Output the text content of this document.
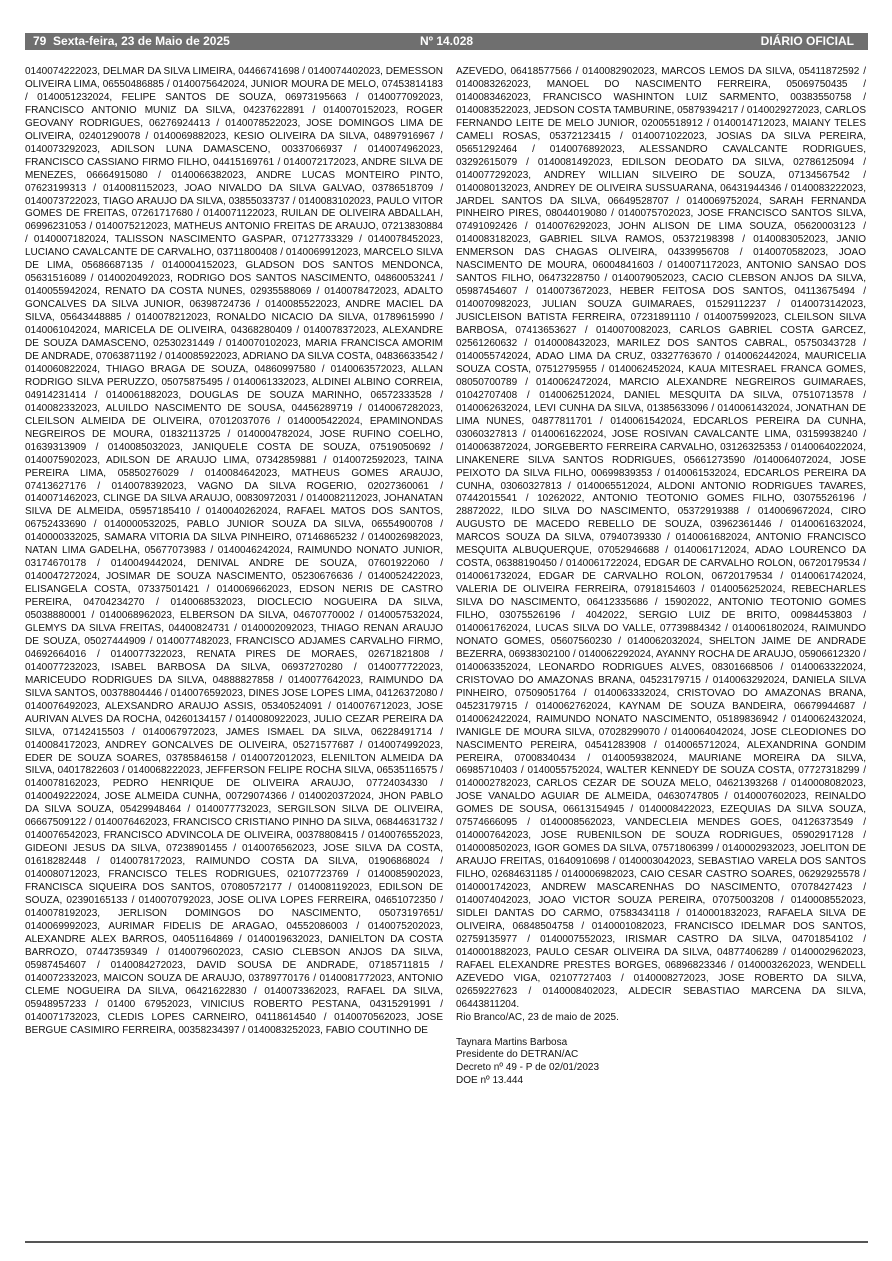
79 Sexta-feira, 23 de Maio de 2025	Nº 14.028	DIÁRIO OFICIAL
0140074222023, DELMAR DA SILVA LIMEIRA, 04466741698 / 0140074402023, DEMESSON OLIVEIRA LIMA, 06550486885 / 0140075642024, JUNIOR MOURA DE MELO, 07453814183 / 0140051232024, FELIPE SANTOS DE SOUZA, 06973195663 / 0140077092023, FRANCISCO ANTONIO MUNIZ DA SILVA, 04237622891 / 0140070152023, ROGER GEOVANY RODRIGUES, 06276924413 / 0140078522023, JOSE DOMINGOS LIMA DE OLIVEIRA, 02401290078 / 0140069882023, KESIO OLIVEIRA DA SILVA, 04897916967 / 0140073292023, ADILSON LUNA DAMASCENO, 00337066937 / 0140074962023, FRANCISCO CASSIANO FIRMO FILHO, 04415169761 / 0140072172023, ANDRE SILVA DE MENEZES, 06664915080 / 0140066382023, ANDRE LUCAS MONTEIRO PINTO, 07623199313 / 0140081152023, JOAO NIVALDO DA SILVA GALVAO, 03786518709 / 0140073722023, TIAGO ARAUJO DA SILVA, 03855033737 / 0140083102023, PAULO VITOR GOMES DE FREITAS, 07261717680 / 0140071122023, RUILAN DE OLIVEIRA ABDALLAH, 06996231053 / 0140075212023, MATHEUS ANTONIO FREITAS DE ARAUJO, 07213830884 / 0140007182024, TALISSON NASCIMENTO GASPAR, 07127733329 / 0140078452023, LUCIANO CAVALCANTE DE CARVALHO, 03711800408 / 0140069912023, MARCELO SILVA DE LIMA, 05686687135 / 0140004152023, GLADSON DOS SANTOS MENDONCA, 05631516089 / 0140020492023, RODRIGO DOS SANTOS NASCIMENTO, 04860053241 / 0140055942024, RENATO DA COSTA NUNES, 02935588069 / 0140078472023, ADALTO GONCALVES DA SILVA JUNIOR, 06398724736 / 0140085522023, ANDRE MACIEL DA SILVA, 05643448885 / 0140078212023, RONALDO NICACIO DA SILVA, 01789615990 / 0140061042024, MARICELA DE OLIVEIRA, 04368280409 / 0140078372023, ALEXANDRE DE SOUZA DAMASCENO, 02530231449 / 0140070102023, MARIA FRANCISCA AMORIM DE ANDRADE, 07063871192 / 0140085922023, ADRIANO DA SILVA COSTA, 04836633542 / 0140060822024, THIAGO BRAGA DE SOUZA, 04860997580 / 0140063572023, ALLAN RODRIGO SILVA PERUZZO, 05075875495 / 0140061332023, ALDINEI ALBINO CORREIA, 04914231414 / 0140061882023, DOUGLAS DE SOUZA MARINHO, 06572333528 / 0140082332023, ALUILDO NASCIMENTO DE SOUSA, 04456289719 / 0140067282023, CLEILSON ALMEIDA DE OLIVEIRA, 07012037076 / 0140005422024, EPAMINONDAS NEGREIROS DE MOURA, 01832113725 / 0140004782024, JOSE RUFINO COELHO, 01639313909 / 0140085032023, JANIQUELE COSTA DE SOUZA, 07519050692 / 0140075902023, ADILSON DE ARAUJO LIMA, 07342859881 / 0140072592023, TAINA PEREIRA LIMA, 05850276029 / 0140084642023, MATHEUS GOMES ARAUJO, 07413627176 / 0140078392023, VAGNO DA SILVA ROGERIO, 02027360061 / 0140071462023, CLINGE DA SILVA ARAUJO, 00830972031 / 0140082112023, JOHANATAN SILVA DE ALMEIDA, 05957185410 / 0140040262024, RAFAEL MATOS DOS SANTOS, 06752433690 / 0140000532025, PABLO JUNIOR SOUZA DA SILVA, 06554900708 / 0140000332025, SAMARA VITORIA DA SILVA PINHEIRO, 07146865232 / 0140026982023, NATAN LIMA GADELHA, 05677073983 / 0140046242024, RAIMUNDO NONATO JUNIOR, 03174670178 / 0140049442024, DENIVAL ANDRE DE SOUZA, 07601922060 / 0140047272024, JOSIMAR DE SOUZA NASCIMENTO, 05230676636 / 0140052422023, ELISANGELA COSTA, 07337501421 / 0140069662023, EDSON NERIS DE CASTRO PEREIRA, 04704234270 / 0140068532023, DIOCLECIO NOGUEIRA DA SILVA, 05038880001 / 0140068962023, ELBERSON DA SILVA, 04670770002 / 0140057532024, GLEMYS DA SILVA FREITAS, 04400824731 / 0140002092023, THIAGO RENAN ARAUJO DE SOUZA, 05027444909 / 0140077482023, FRANCISCO ADJAMES CARVALHO FIRMO, 04692664016 / 0140077322023, RENATA PIRES DE MORAES, 02671821808 / 0140077232023, ISABEL BARBOSA DA SILVA, 06937270280 / 0140077722023, MARICEUDO RODRIGUES DA SILVA, 04888827858 / 0140077642023, RAIMUNDO DA SILVA SANTOS, 00378804446 / 0140076592023, DINES JOSE LOPES LIMA, 04126372080 / 0140076492023, ALEXSANDRO ARAUJO ASSIS, 05340524091 / 0140076712023, JOSE AURIVAN ALVES DA ROCHA, 04260134157 / 0140080922023, JULIO CEZAR PEREIRA DA SILVA, 07142415503 / 0140067972023, JAMES ISMAEL DA SILVA, 06228491714 / 0140084172023, ANDREY GONCALVES DE OLIVEIRA, 05271577687 / 0140074992023, EDER DE SOUZA SOARES, 03785846158 / 0140072012023, ELENILTON ALMEIDA DA SILVA, 04017822603 / 0140068222023, JEFFERSON FELIPE ROCHA SILVA, 06535116575 / 0140078162023, PEDRO HENRIQUE DE OLIVEIRA ARAUJO, 07724034330 / 0140049222024, JOSE ALMEIDA CUNHA, 00729074366 / 0140020372024, JHON PABLO DA SILVA SOUZA, 05429948464 / 0140077732023, SERGILSON SILVA DE OLIVEIRA, 06667509122 / 0140076462023, FRANCISCO CRISTIANO PINHO DA SILVA, 06844631732 / 0140076542023, FRANCISCO ADVINCOLA DE OLIVEIRA, 00378808415 / 0140076552023, GIDEONI JESUS DA SILVA, 07238901455 / 0140076562023, JOSE SILVA DA COSTA, 01618282448 / 0140078172023, RAIMUNDO COSTA DA SILVA, 01906868024 / 0140080712023, FRANCISCO TELES RODRIGUES, 02107723769 / 0140085902023, FRANCISCA SIQUEIRA DOS SANTOS, 07080572177 / 0140081192023, EDILSON DE SOUZA, 02390165133 / 0140070792023, JOSE OLIVA LOPES FERREIRA, 04651072350 / 0140078192023, JERLISON DOMINGOS DO NASCIMENTO, 05073197651/ 0140069992023, AURIMAR FIDELIS DE ARAGAO, 04552086003 / 0140075202023, ALEXANDRE ALEX BARROS, 04051164869 / 0140019632023, DANIELTON DA COSTA BARROZO, 07447359349 / 0140079602023, CASIO CLEBSON ANJOS DA SILVA, 05987454607 / 0140084272023, DAVID SOUSA DE ANDRADE, 07185711815 / 0140072332023, MAICON SOUZA DE ARAUJO, 03789770176 / 0140081772023, ANTONIO CLEME NOGUEIRA DA SILVA, 06421622830 / 0140073362023, RAFAEL DA SILVA, 05948957233 / 01400 67952023, VINICIUS ROBERTO PESTANA, 04315291991 / 0140071732023, CLEDIS LOPES CARNEIRO, 04118614540 / 0140070562023, JOSE BERGUE CASIMIRO FERREIRA, 00358234397 / 0140083252023, FABIO COUTINHO DE
AZEVEDO, 06418577566 / 0140082902023, MARCOS LEMOS DA SILVA, 05411872592 / 0140083262023, MANOEL DO NASCIMENTO FERREIRA, 05069750435 / 0140083462023, FRANCISCO WASHINTON LUIZ SARMENTO, 00383550758 / 0140083522023, JEDSON COSTA TAMBURINE, 05879394217 / 0140029272023, CARLOS FERNANDO LEITE DE MELO JUNIOR, 02005518912 / 0140014712023, MAIANY TELES CAMELI ROSAS, 05372123415 / 0140071022023, JOSIAS DA SILVA PEREIRA, 05651292464 / 0140076892023, ALESSANDRO CAVALCANTE RODRIGUES, 03292615079 / 0140081492023, EDILSON DEODATO DA SILVA, 02786125094 / 0140077292023, ANDREY WILLIAN SILVEIRO DE SOUZA, 07134567542 / 0140080132023, ANDREY DE OLIVEIRA SUSSUARANA, 06431944346 / 0140083222023, JARDEL SANTOS DA SILVA, 06649528707 / 0140069752024, SARAH FERNANDA PINHEIRO PIRES, 08044019080 / 0140075702023, JOSE FRANCISCO SANTOS SILVA, 07491092426 / 0140076292023, JOHN ALISON DE LIMA SOUZA, 05620003123 / 0140083182023, GABRIEL SILVA RAMOS, 05372198398 / 0140083052023, JANIO ENMERSON DAS CHAGAS OLIVEIRA, 04339956708 / 0140070582023, JOAO NASCIMENTO DE MOURA, 06004841603 / 0140071172023, ANTONIO SANSAO DOS SANTOS FILHO, 06473228750 / 0140079052023, CACIO CLEBSON ANJOS DA SILVA, 05987454607 / 0140073672023, HEBER FEITOSA DOS SANTOS, 04113675494 / 0140070982023, JULIAN SOUZA GUIMARAES, 01529112237 / 0140073142023, JUSICLEISON BATISTA FERREIRA, 07231891110 / 0140075992023, CLEILSON SILVA BARBOSA, 07413653627 / 0140070082023, CARLOS GABRIEL COSTA GARCEZ, 02561260632 / 0140008432023, MARILEZ DOS SANTOS CABRAL, 05750343728 / 0140055742024, ADAO LIMA DA CRUZ, 03327763670 / 0140062442024, MAURICELIA SOUZA COSTA, 07512795955 / 0140062452024, KAUA MITESRAEL FRANCA GOMES, 08050700789 / 0140062472024, MARCIO ALEXANDRE NEGREIROS GUIMARAES, 01042707408 / 0140062512024, DANIEL MESQUITA DA SILVA, 07510713578 / 0140062632024, LEVI CUNHA DA SILVA, 01385633096 / 0140061432024, JONATHAN DE LIMA NUNES, 04877811701 / 0140061542024, EDCARLOS PEREIRA DA CUNHA, 03060327813 / 0140061622024, JOSE ROSIVAN CAVALCANTE LIMA, 03159938240 / 0140063872024, JORGEBERTO FERREIRA CARVALHO, 03126325353 / 0140064022024, LINAKENERE SILVA SANTOS RODRIGUES, 05661273590 /0140064072024, JOSE PEIXOTO DA SILVA FILHO, 00699839353 / 0140061532024, EDCARLOS PEREIRA DA CUNHA, 03060327813 / 0140065512024, ALDONI ANTONIO RODRIGUES TAVARES, 07442015541 / 10262022, ANTONIO TEOTONIO GOMES FILHO, 03075526196 / 28872022, ILDO SILVA DO NASCIMENTO, 05372919388 / 0140069672024, CIRO AUGUSTO DE MACEDO REBELLO DE SOUZA, 03962361446 / 0140061632024, MARCOS SOUZA DA SILVA, 07940739330 / 0140061682024, ANTONIO FRANCISCO MESQUITA ALBUQUERQUE, 07052946688 / 0140061712024, ADAO LOURENCO DA COSTA, 06388190450 / 0140061722024, EDGAR DE CARVALHO ROLON, 06720179534 / 0140061732024, EDGAR DE CARVALHO ROLON, 06720179534 / 0140061742024, VALERIA DE OLIVEIRA FERREIRA, 07918154603 / 0140056252024, REBECHARLES SILVA DO NASCIMENTO, 06412335686 / 15902022, ANTONIO TEOTONIO GOMES FILHO, 03075526196 / 4042022, SERGIO LUIZ DE BRITO, 00984453803 / 0140061762024, LUCAS SILVA DO VALLE, 07739884342 / 0140061802024, RAIMUNDO NONATO GOMES, 05607560230 / 0140062032024, SHELTON JAIME DE ANDRADE BEZERRA, 06938302100 / 0140062292024, AYANNY ROCHA DE ARAUJO, 05906612320 / 0140063352024, LEONARDO RODRIGUES ALVES, 08301668506 / 0140063322024, CRISTOVAO DO AMAZONAS BRANA, 04523179715 / 0140063292024, DANIELA SILVA PINHEIRO, 07509051764 / 0140063332024, CRISTOVAO DO AMAZONAS BRANA, 04523179715 / 0140062762024, KAYNAM DE SOUZA BANDEIRA, 06679944687 / 0140062422024, RAIMUNDO NONATO NASCIMENTO, 05189836942 / 0140062432024, IVANIGLE DE MOURA SILVA, 07028299070 / 0140064042024, JOSE CLEODIONES DO NASCIMENTO PEREIRA, 04541283908 / 0140065712024, ALEXANDRINA GONDIM PEREIRA, 07008340434 / 0140059382024, MAURIANE MOREIRA DA SILVA, 06985710403 / 0140055752024, WALTER KENNEDY DE SOUZA COSTA, 07727318299 / 0140002782023, CARLOS CEZAR DE SOUZA MELO, 04621393268 / 0140008082023, JOSE VANALDO AGUIAR DE ALMEIDA, 04630747805 / 0140007602023, REINALDO GOMES DE SOUSA, 06613154945 / 0140008422023, EZEQUIAS DA SILVA SOUZA, 07574666095 / 0140008562023, VANDECLEIA MENDES GOES, 04126373549 / 0140007642023, JOSE RUBENILSON DE SOUZA RODRIGUES, 05902917128 / 0140008502023, IGOR GOMES DA SILVA, 07571806399 / 0140002932023, JOELITON DE ARAUJO FREITAS, 01640910698 / 0140003042023, SEBASTIAO VARELA DOS SANTOS FILHO, 02684631185 / 0140006982023, CAIO CESAR CASTRO SOARES, 06292925578 / 0140001742023, ANDREW MASCARENHAS DO NASCIMENTO, 07078427423 / 0140074042023, JOAO VICTOR SOUZA PEREIRA, 07075003208 / 0140008552023, SIDLEI DANTAS DO CARMO, 07583434118 / 0140001832023, RAFAELA SILVA DE OLIVEIRA, 06848504758 / 0140001082023, FRANCISCO IDELMAR DOS SANTOS, 02759135977 / 0140007552023, IRISMAR CASTRO DA SILVA, 04701854102 / 0140001882023, PAULO CESAR OLIVEIRA DA SILVA, 04877406289 / 0140002962023, RAFAEL ELEXANDRE PRESTES BORGES, 06896823346 / 0140003262023, WENDELL AZEVEDO VIGA, 02107727403 / 0140008272023, JOSE ROBERTO DA SILVA, 02659227623 / 0140008402023, ALDECIR SEBASTIAO MARCENA DA SILVA, 06443811204.
Rio Branco/AC, 23 de maio de 2025.
Taynara Martins Barbosa
Presidente do DETRAN/AC
Decreto nº 49 - P de 02/01/2023
DOE nº 13.444
